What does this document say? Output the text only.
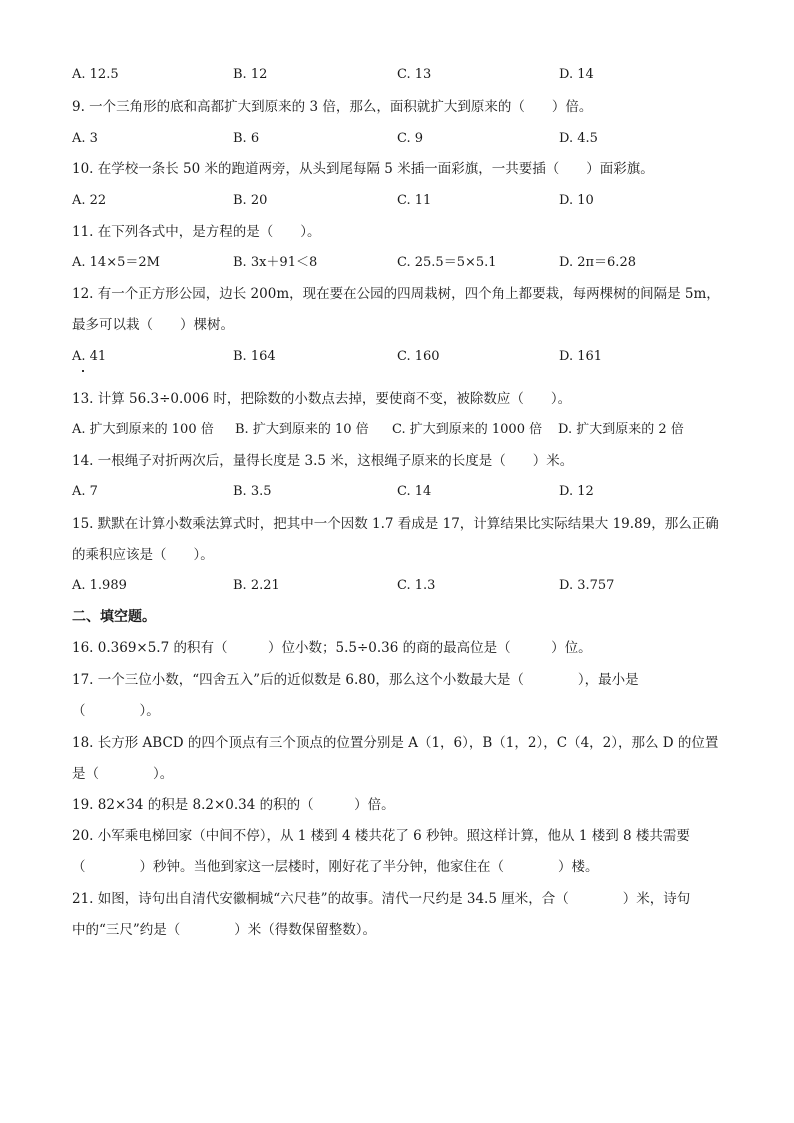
A. 12.5	B. 12	C. 13	D. 14
9. 一个三角形的底和高都扩大到原来的 3 倍，那么，面积就扩大到原来的（　　）倍。
A. 3	B. 6	C. 9	D. 4.5
10. 在学校一条长 50 米的跑道两旁，从头到尾每隔 5 米插一面彩旗，一共要插（　　）面彩旗。
A. 22	B. 20	C. 11	D. 10
11. 在下列各式中，是方程的是（　　）。
A. 14×5＝2M	B. 3x＋91＜8	C. 25.5＝5×5.1	D. 2π＝6.28
12. 有一个正方形公园，边长 200m，现在要在公园的四周栽树，四个角上都要栽，每两棵树的间隔是 5m，
最多可以栽（　　）棵树。
A. 41	B. 164	C. 160	D. 161
13. 计算 56.3÷0.006 时，把除数的小数点去掉，要使商不变，被除数应（　　）。
A. 扩大到原来的 100 倍 B. 扩大到原来的 10 倍 C. 扩大到原来的 1000 倍 D. 扩大到原来的 2 倍
14. 一根绳子对折两次后，量得长度是 3.5 米，这根绳子原来的长度是（　　）米。
A. 7	B. 3.5	C. 14	D. 12
15. 默默在计算小数乘法算式时，把其中一个因数 1.7 看成是 17，计算结果比实际结果大 19.89，那么正确
的乘积应该是（　　）。
A. 1.989	B. 2.21	C. 1.3	D. 3.757
二、填空题。
16. 0.369×5.7 的积有（　　　）位小数；5.5÷0.36 的商的最高位是（　　　）位。
17. 一个三位小数，“四舍五入”后的近似数是 6.80，那么这个小数最大是（　　　　），最小是
（　　　　）。
18. 长方形 ABCD 的四个顶点有三个顶点的位置分别是 A（1，6），B（1，2），C（4，2），那么 D 的位置
是（　　　　）。
19. 82×34 的积是 8.2×0.34 的积的（　　　）倍。
20. 小军乘电梯回家（中间不停），从 1 楼到 4 楼共花了 6 秒钟。照这样计算，他从 1 楼到 8 楼共需要
（　　　　）秒钟。当他到家这一层楼时，刚好花了半分钟，他家住在（　　　　）楼。
21. 如图，诗句出自清代安徽桐城“六尺巷”的故事。清代一尺约是 34.5 厘米，合（　　　　）米，诗句
中的“三尺”约是（　　　　）米（得数保留整数）。
